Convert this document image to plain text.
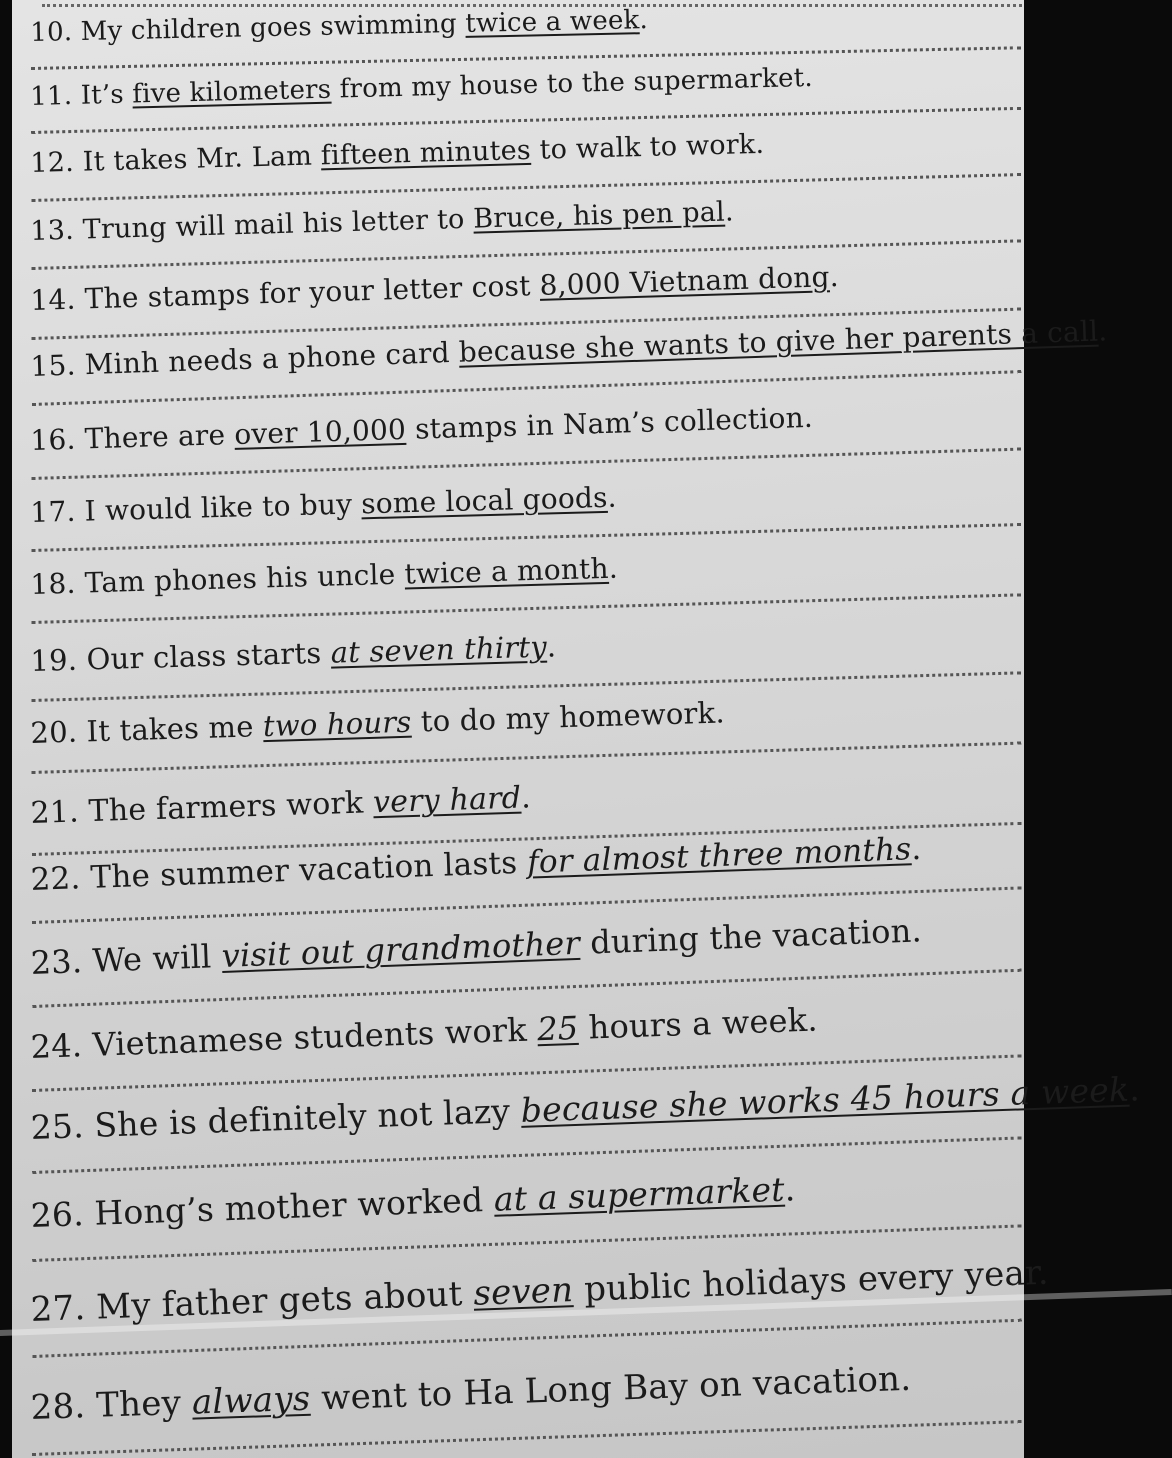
10. My children goes swimming twice a week.
11. It’s five kilometers from my house to the supermarket.
12. It takes Mr. Lam fifteen minutes to walk to work.
13. Trung will mail his letter to Bruce, his pen pal.
14. The stamps for your letter cost 8,000 Vietnam dong.
15. Minh needs a phone card because she wants to give her parents a call.
16. There are over 10,000 stamps in Nam’s collection.
17. I would like to buy some local goods.
18. Tam phones his uncle twice a month.
19. Our class starts at seven thirty.
20. It takes me two hours to do my homework.
21. The farmers work very hard.
22. The summer vacation lasts for almost three months.
23. We will visit out grandmother during the vacation.
24. Vietnamese students work 25 hours a week.
25. She is definitely not lazy because she works 45 hours a week.
26. Hong’s mother worked at a supermarket.
27. My father gets about seven public holidays every year.
28. They always went to Ha Long Bay on vacation.
